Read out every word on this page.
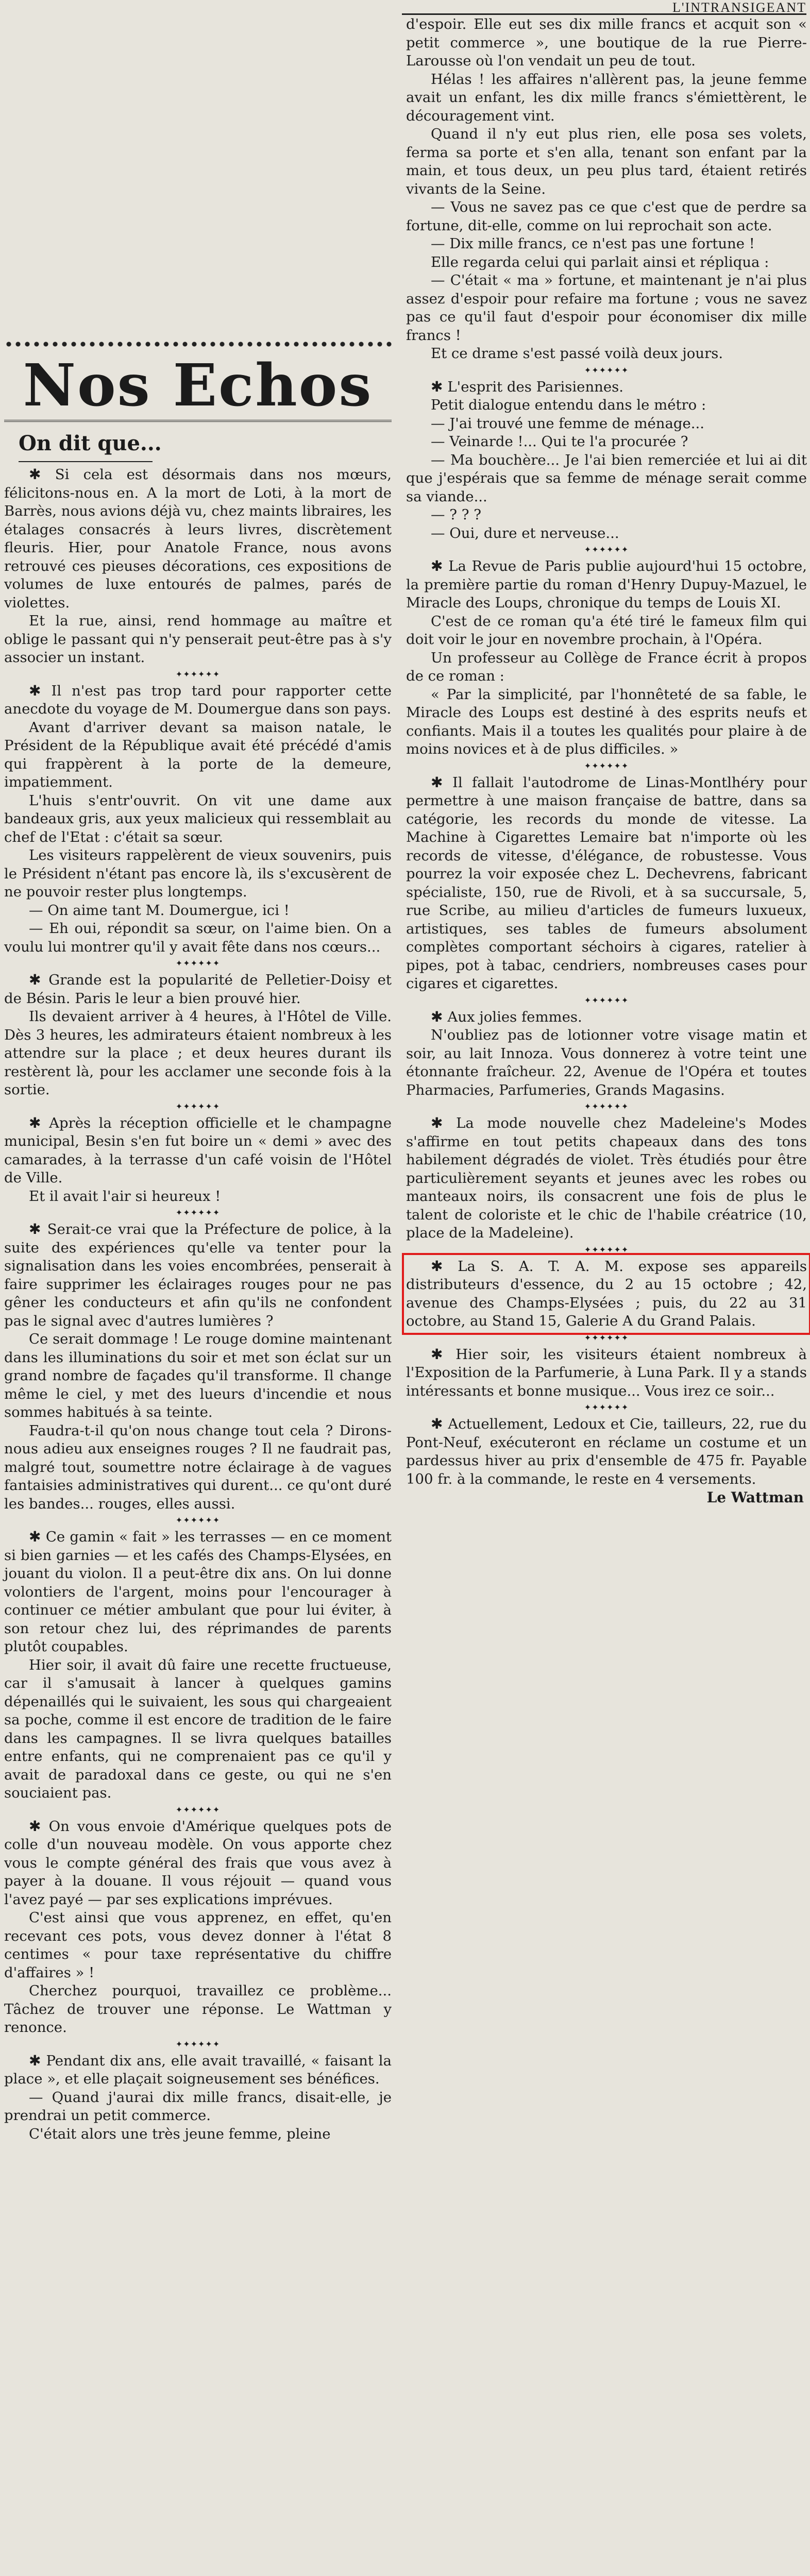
L'INTRANSIGEANT
Nos Echos
On dit que...

✱ Si cela est désormais dans nos mœurs, félicitons-nous en. A la mort de Loti, à la mort de Barrès, nous avions déjà vu, chez maints libraires, les étalages consacrés à leurs livres, discrètement fleuris. Hier, pour Anatole France, nous avons retrouvé ces pieuses décorations, ces expositions de volumes de luxe entourés de palmes, parés de violettes.

Et la rue, ainsi, rend hommage au maître et oblige le passant qui n'y penserait peut-être pas à s'y associer un instant.

✦✦✦✦✦✦

✱ Il n'est pas trop tard pour rapporter cette anecdote du voyage de M. Doumergue dans son pays.

Avant d'arriver devant sa maison natale, le Président de la République avait été précédé d'amis qui frappèrent à la porte de la demeure, impatiemment.

L'huis s'entr'ouvrit. On vit une dame aux bandeaux gris, aux yeux malicieux qui ressemblait au chef de l'Etat : c'était sa sœur.

Les visiteurs rappelèrent de vieux souvenirs, puis le Président n'étant pas encore là, ils s'excusèrent de ne pouvoir rester plus longtemps.

— On aime tant M. Doumergue, ici !

— Eh oui, répondit sa sœur, on l'aime bien. On a voulu lui montrer qu'il y avait fête dans nos cœurs...

✦✦✦✦✦✦

✱ Grande est la popularité de Pelletier-Doisy et de Bésin. Paris le leur a bien prouvé hier.

Ils devaient arriver à 4 heures, à l'Hôtel de Ville. Dès 3 heures, les admirateurs étaient nombreux à les attendre sur la place ; et deux heures durant ils restèrent là, pour les acclamer une seconde fois à la sortie.

✦✦✦✦✦✦

✱ Après la réception officielle et le champagne municipal, Besin s'en fut boire un « demi » avec des camarades, à la terrasse d'un café voisin de l'Hôtel de Ville.

Et il avait l'air si heureux !

✦✦✦✦✦✦

✱ Serait-ce vrai que la Préfecture de police, à la suite des expériences qu'elle va tenter pour la signalisation dans les voies encombrées, penserait à faire supprimer les éclairages rouges pour ne pas gêner les conducteurs et afin qu'ils ne confondent pas le signal avec d'autres lumières ?

Ce serait dommage ! Le rouge domine maintenant dans les illuminations du soir et met son éclat sur un grand nombre de façades qu'il transforme. Il change même le ciel, y met des lueurs d'incendie et nous sommes habitués à sa teinte.

Faudra-t-il qu'on nous change tout cela ? Dirons-nous adieu aux enseignes rouges ? Il ne faudrait pas, malgré tout, soumettre notre éclairage à de vagues fantaisies administratives qui durent... ce qu'ont duré les bandes... rouges, elles aussi.

✦✦✦✦✦✦

✱ Ce gamin « fait » les terrasses — en ce moment si bien garnies — et les cafés des Champs-Elysées, en jouant du violon. Il a peut-être dix ans. On lui donne volontiers de l'argent, moins pour l'encourager à continuer ce métier ambulant que pour lui éviter, à son retour chez lui, des réprimandes de parents plutôt coupables.

Hier soir, il avait dû faire une recette fructueuse, car il s'amusait à lancer à quelques gamins dépenaillés qui le suivaient, les sous qui chargeaient sa poche, comme il est encore de tradition de le faire dans les campagnes. Il se livra quelques batailles entre enfants, qui ne comprenaient pas ce qu'il y avait de paradoxal dans ce geste, ou qui ne s'en souciaient pas.

✦✦✦✦✦✦

✱ On vous envoie d'Amérique quelques pots de colle d'un nouveau modèle. On vous apporte chez vous le compte général des frais que vous avez à payer à la douane. Il vous réjouit — quand vous l'avez payé — par ses explications imprévues.

C'est ainsi que vous apprenez, en effet, qu'en recevant ces pots, vous devez donner à l'état 8 centimes « pour taxe représentative du chiffre d'affaires » !

Cherchez pourquoi, travaillez ce problème... Tâchez de trouver une réponse. Le Wattman y renonce.

✦✦✦✦✦✦

✱ Pendant dix ans, elle avait travaillé, « faisant la place », et elle plaçait soigneusement ses bénéfices.

— Quand j'aurai dix mille francs, disait-elle, je prendrai un petit commerce.

C'était alors une très jeune femme, pleine

d'espoir. Elle eut ses dix mille francs et acquit son « petit commerce », une boutique de la rue Pierre-Larousse où l'on vendait un peu de tout.

Hélas ! les affaires n'allèrent pas, la jeune femme avait un enfant, les dix mille francs s'émiettèrent, le découragement vint.

Quand il n'y eut plus rien, elle posa ses volets, ferma sa porte et s'en alla, tenant son enfant par la main, et tous deux, un peu plus tard, étaient retirés vivants de la Seine.

— Vous ne savez pas ce que c'est que de perdre sa fortune, dit-elle, comme on lui reprochait son acte.

— Dix mille francs, ce n'est pas une fortune !

Elle regarda celui qui parlait ainsi et répliqua :

— C'était « ma » fortune, et maintenant je n'ai plus assez d'espoir pour refaire ma fortune ; vous ne savez pas ce qu'il faut d'espoir pour économiser dix mille francs !

Et ce drame s'est passé voilà deux jours.

✦✦✦✦✦✦

✱ L'esprit des Parisiennes.

Petit dialogue entendu dans le métro :

— J'ai trouvé une femme de ménage...

— Veinarde !... Qui te l'a procurée ?

— Ma bouchère... Je l'ai bien remerciée et lui ai dit que j'espérais que sa femme de ménage serait comme sa viande...

— ? ? ?

— Oui, dure et nerveuse...

✦✦✦✦✦✦

✱ La Revue de Paris publie aujourd'hui 15 octobre, la première partie du roman d'Henry Dupuy-Mazuel, le Miracle des Loups, chronique du temps de Louis XI.

C'est de ce roman qu'a été tiré le fameux film qui doit voir le jour en novembre prochain, à l'Opéra.

Un professeur au Collège de France écrit à propos de ce roman :

« Par la simplicité, par l'honnêteté de sa fable, le Miracle des Loups est destiné à des esprits neufs et confiants. Mais il a toutes les qualités pour plaire à de moins novices et à de plus difficiles. »

✦✦✦✦✦✦

✱ Il fallait l'autodrome de Linas-Montlhéry pour permettre à une maison française de battre, dans sa catégorie, les records du monde de vitesse. La Machine à Cigarettes Lemaire bat n'importe où les records de vitesse, d'élégance, de robustesse. Vous pourrez la voir exposée chez L. Dechevrens, fabricant spécialiste, 150, rue de Rivoli, et à sa succursale, 5, rue Scribe, au milieu d'articles de fumeurs luxueux, artistiques, ses tables de fumeurs absolument complètes comportant séchoirs à cigares, ratelier à pipes, pot à tabac, cendriers, nombreuses cases pour cigares et cigarettes.

✦✦✦✦✦✦

✱ Aux jolies femmes.

N'oubliez pas de lotionner votre visage matin et soir, au lait Innoza. Vous donnerez à votre teint une étonnante fraîcheur. 22, Avenue de l'Opéra et toutes Pharmacies, Parfumeries, Grands Magasins.

✦✦✦✦✦✦

✱ La mode nouvelle chez Madeleine's Modes s'affirme en tout petits chapeaux dans des tons habilement dégradés de violet. Très étudiés pour être particulièrement seyants et jeunes avec les robes ou manteaux noirs, ils consacrent une fois de plus le talent de coloriste et le chic de l'habile créatrice (10, place de la Madeleine).

✦✦✦✦✦✦

✱ La S. A. T. A. M. expose ses appareils distributeurs d'essence, du 2 au 15 octobre ; 42, avenue des Champs-Elysées ; puis, du 22 au 31 octobre, au Stand 15, Galerie A du Grand Palais.

✦✦✦✦✦✦

✱ Hier soir, les visiteurs étaient nombreux à l'Exposition de la Parfumerie, à Luna Park. Il y a stands intéressants et bonne musique... Vous irez ce soir...

✦✦✦✦✦✦

✱ Actuellement, Ledoux et Cie, tailleurs, 22, rue du Pont-Neuf, exécuteront en réclame un costume et un pardessus hiver au prix d'ensemble de 475 fr. Payable 100 fr. à la commande, le reste en 4 versements.

Le Wattman
